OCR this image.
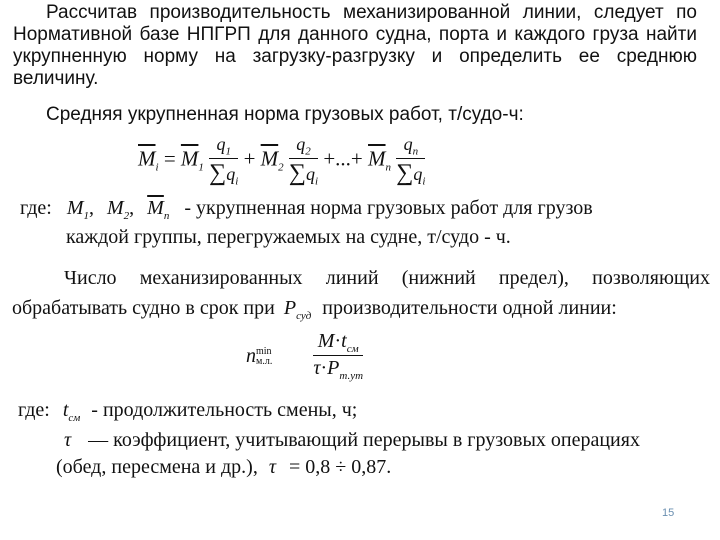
Рассчитав производительность механизированной линии, следует по Нормативной базе НПГРП для данного судна, порта и каждого груза найти укрупненную норму на загрузку-разгрузку и определить ее среднюю величину.
Средняя укрупненная норма грузовых работ, т/судо-ч:
$\overline{M}_i = \overline{M}_1 \frac{q_1}{\sum q_i} + \overline{M}_2 \frac{q_2}{\sum q_i}$ +...+ $\overline{M}_n \frac{q_n}{\sum q_i}$
где: $M_1$, $M_2$, $\overline{M}_n$ - укрупненная норма грузовых работ для грузов
каждой группы, перегружаемых на судне, т/судо - ч.
Число механизированных линий (нижний предел), позволяющих
обрабатывать судно в срок при $P_{суд}$ производительности одной линии:
n min
м.л.
$\frac{M\cdot t_{см}}{\tau\cdot P_{т.ут}}$
где: $t_{см}$ - продолжительность смены, ч;
τ — коэффициент, учитывающий перерывы в грузовых операциях
(обед, пересмена и др.), τ = 0,8 ÷ 0,87.
15
